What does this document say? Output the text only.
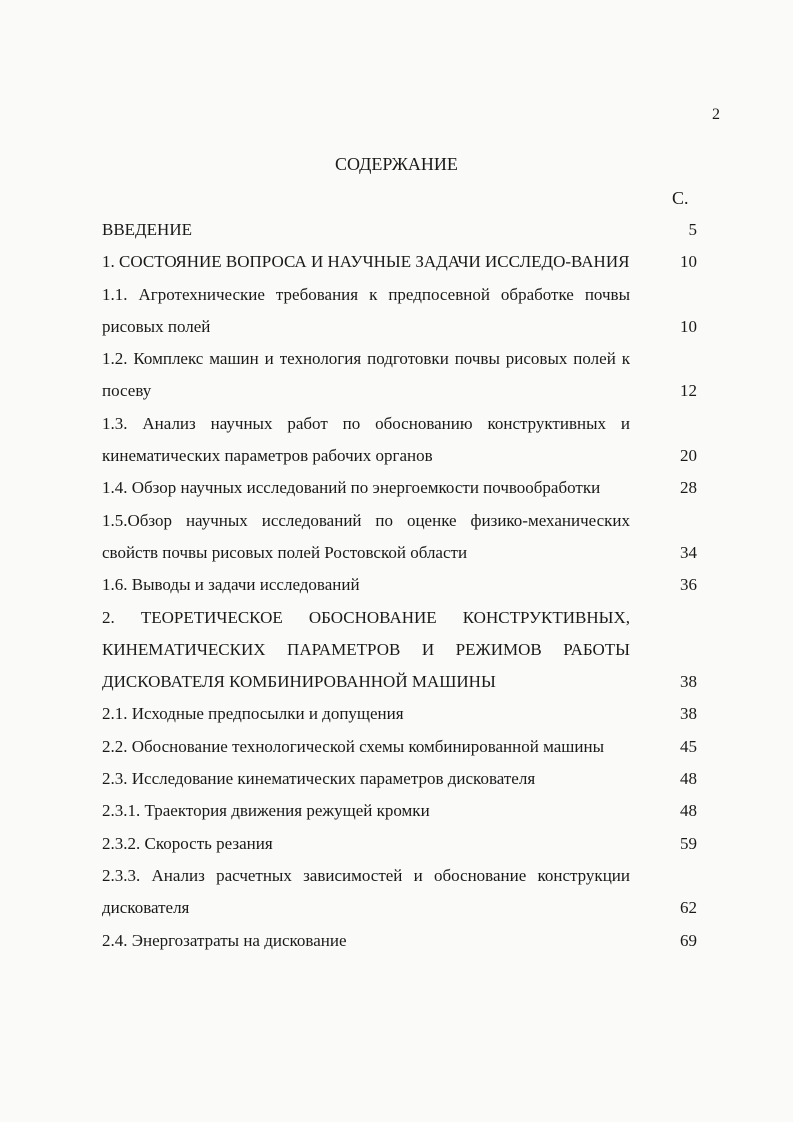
2
СОДЕРЖАНИЕ
С.
ВВЕДЕНИЕ	5
1. СОСТОЯНИЕ ВОПРОСА И НАУЧНЫЕ ЗАДАЧИ ИССЛЕДО-ВАНИЯ	10
1.1. Агротехнические требования к предпосевной обработке почвы рисовых полей	10
1.2. Комплекс машин и технология подготовки почвы рисовых полей к посеву	12
1.3. Анализ научных работ по обоснованию конструктивных и кинематических параметров рабочих органов	20
1.4. Обзор научных исследований по энергоемкости почвообработки	28
1.5.Обзор научных исследований по оценке физико-механических свойств почвы рисовых полей Ростовской области	34
1.6. Выводы и задачи исследований	36
2. ТЕОРЕТИЧЕСКОЕ ОБОСНОВАНИЕ КОНСТРУКТИВНЫХ, КИНЕМАТИЧЕСКИХ ПАРАМЕТРОВ И РЕЖИМОВ РАБОТЫ ДИСКОВАТЕЛЯ КОМБИНИРОВАННОЙ МАШИНЫ	38
2.1. Исходные предпосылки и допущения	38
2.2. Обоснование технологической схемы комбинированной машины	45
2.3. Исследование кинематических параметров дисковатeля	48
2.3.1. Траектория движения режущей кромки	48
2.3.2. Скорость резания	59
2.3.3. Анализ расчетных зависимостей и обоснование конструкции дисковатeля	62
2.4. Энергозатраты на дискование	69
